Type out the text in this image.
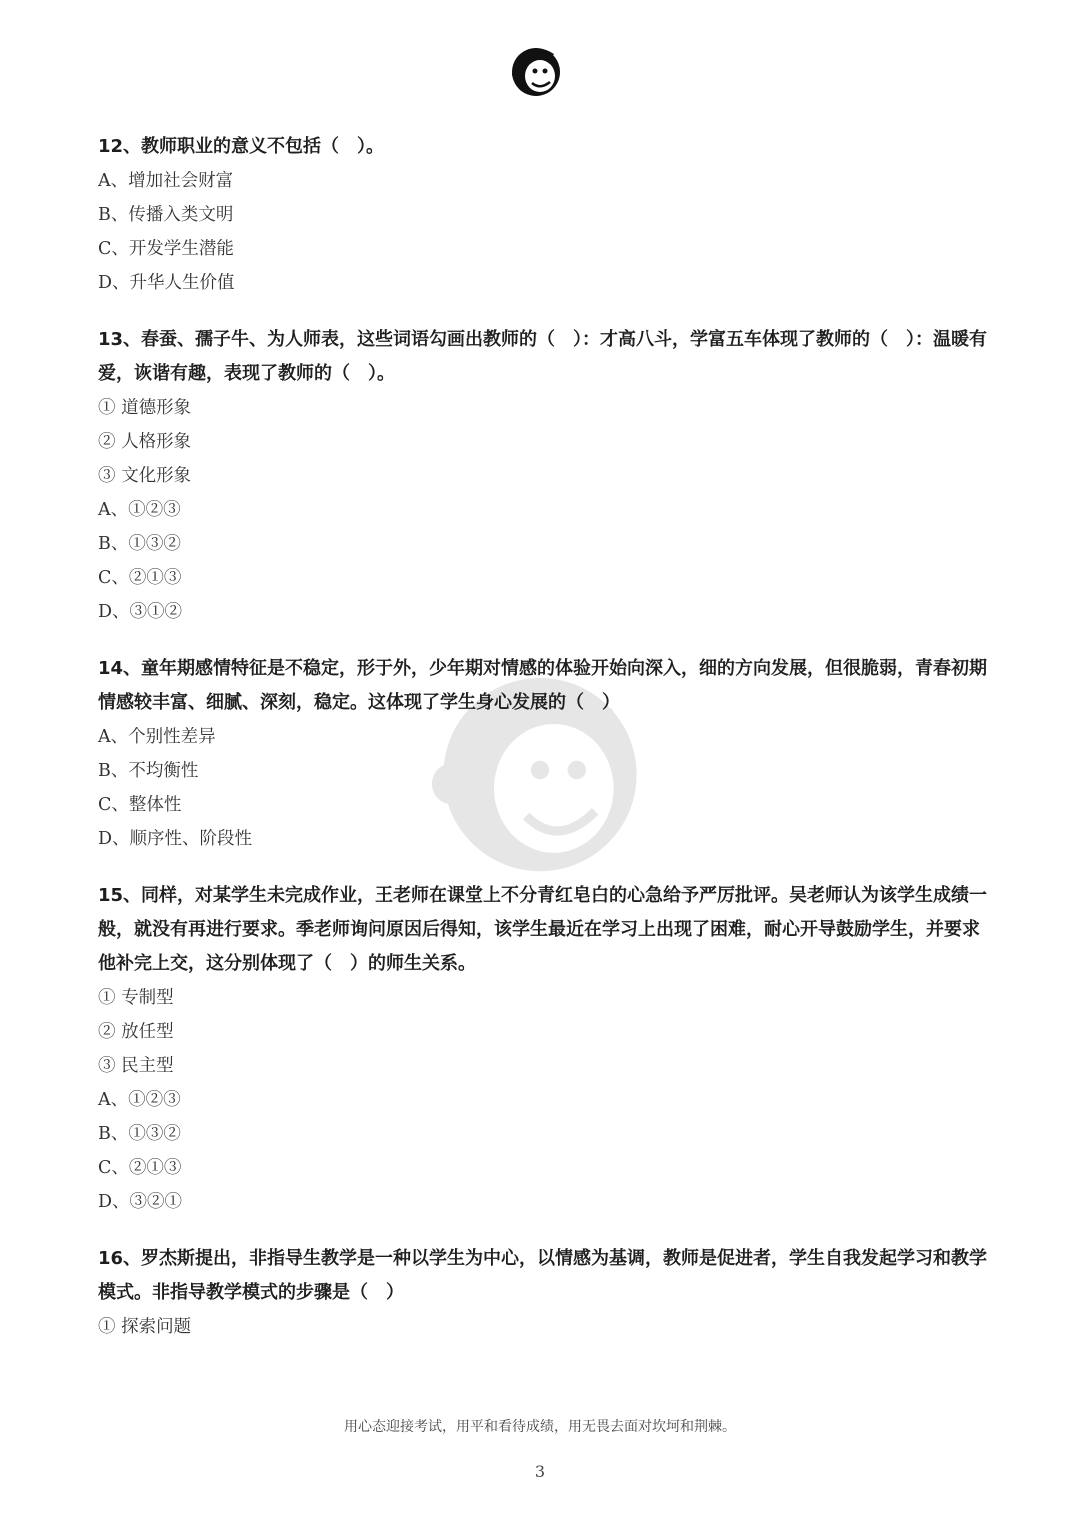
12、教师职业的意义不包括（　）。

A、增加社会财富

B、传播入类文明

C、开发学生潜能

D、升华人生价值

13、春蚕、孺子牛、为人师表，这些词语勾画出教师的（　）：才高八斗，学富五车体现了教师的（　）：温暖有爱，诙谐有趣，表现了教师的（　）。

① 道德形象

② 人格形象

③ 文化形象

A、①②③

B、①③②

C、②①③

D、③①②

14、童年期感情特征是不稳定，形于外，少年期对情感的体验开始向深入，细的方向发展，但很脆弱，青春初期情感较丰富、细腻、深刻，稳定。这体现了学生身心发展的（　）

A、个别性差异

B、不均衡性

C、整体性

D、顺序性、阶段性

15、同样，对某学生未完成作业，王老师在课堂上不分青红皂白的心急给予严厉批评。吴老师认为该学生成绩一般，就没有再进行要求。季老师询问原因后得知，该学生最近在学习上出现了困难，耐心开导鼓励学生，并要求他补完上交，这分别体现了（　）的师生关系。

① 专制型

② 放任型

③ 民主型

A、①②③

B、①③②

C、②①③

D、③②①

16、罗杰斯提出，非指导生教学是一种以学生为中心，以情感为基调，教师是促进者，学生自我发起学习和教学模式。非指导教学模式的步骤是（　）

① 探索问题

用心态迎接考试，用平和看待成绩，用无畏去面对坎坷和荆棘。
3
